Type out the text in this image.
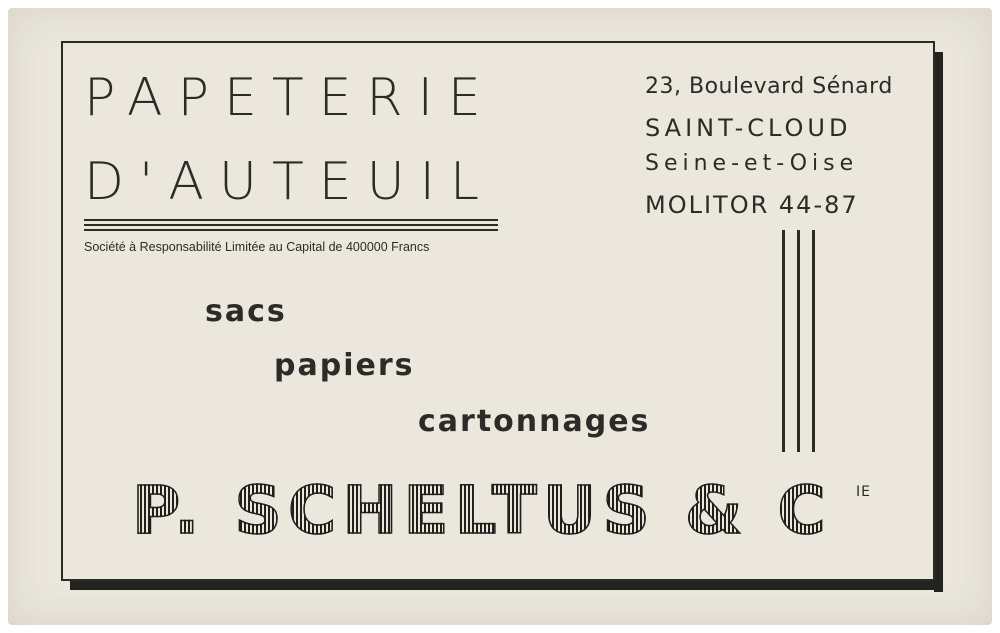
PAPETERIE
D'AUTEUIL
Société à Responsabilité Limitée au Capital de 400000 Francs
23, Boulevard Sénard
SAINT-CLOUD
Seine-et-Oise
MOLITOR 44-87
sacs
papiers
cartonnages
P. SCHELTUS & C IE
